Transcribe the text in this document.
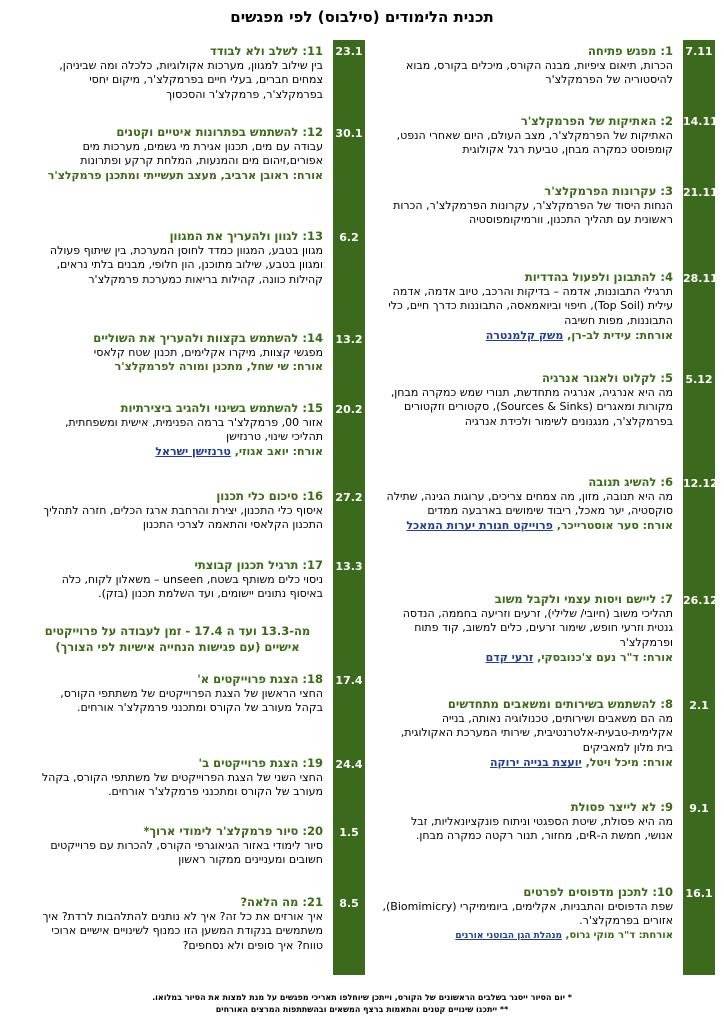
תכנית הלימודים (סילבוס) לפי מפגשים
7.11
1: מפגש פתיחה
הכרות, תיאום ציפיות, מבנה הקורס, מיכלים בקורס, מבוא להיסטוריה של הפרמקלצ'ר
14.11
2: האתיקות של הפרמקלצ'ר
האתיקות של הפרמקלצ'ר, מצב העולם, היום שאחרי הנפט, קומפוסט כמקרה מבחן, טביעת רגל אקולוגית
21.11
3: עקרונות הפרמקלצ'ר
הנחות היסוד של הפרמקלצ'ר, עקרונות הפרמקלצ'ר, הכרות ראשונית עם תהליך התכנון, וורמיקומפוסטיה
28.11
4: להתבונן ולפעול בהדדיות
תרגילי התבוננות, אדמה – בדיקות והרכב, טיוב אדמה, אדמה עילית (Top Soil), חיפוי וביואמאסה, התבוננות כדרך חיים, כלי התבוננות, מפות חשיבה
אורחת: עידית לב-רן, משק קלמנטרה
5.12
5: לקלוט ולאגור אנרגיה
מה היא אנרגיה, אנרגיה מתחדשת, תנורי שמש כמקרה מבחן, מקורות ומאגרים (Sources & Sinks), סקטורים וזקטורים בפרמקלצ'ר, מנגנונים לשימור ולכידת אנרגיה
12.12
6: להשיג תנובה
מה היא תנובה, מזון, מה צמחים צריכים, ערוגות הגינה, שתילה סוקסטיה, יער מאכל, ריבוד שימושים בארבעה ממדים
אורח: סער אוסטרייכר, פרוייקט חגורת יערות המאכל
26.12
7: ליישם ויסות עצמי ולקבל משוב
תהליכי משוב (חיובי/ שלילי), זרעים וזריעה בחממה, הנדסה גנטית וזרעי חופש, שימור זרעים, כלים למשוב, קוד פתוח ופרמקלצ'ר
אורח: ד"ר נעם צ'כנובסקי, זרעי קדם
2.1
8: להשתמש בשירותים ומשאבים מתחדשים
מה הם משאבים ושירותים, טכנולוגיה נאותה, בנייה אקלימית-טבעית-אלטרנטיבית, שירותי המערכת האקולוגית, בית מלון למאביקים
אורח: מיכל ויטל, יועצת בנייה ירוקה
9.1
9: לא לייצר פסולת
מה היא פסולת, שיטת הספגטי וניתוח פונקציונאליות, זבל אנושי, חמשת ה-Rים, מחזור, תנור רקטה כמקרה מבחן.
16.1
10: לתכנן מדפוסים לפרטים
שפת הדפוסים והתבניות, אקלימים, ביומימיקרי (Biomimicry), אזורים בפרמקלצ'ר.
אורחת: ד"ר מוקי גרוס, מנהלת הגן הבוטני אורנים
23.1
11: לשלב ולא לבודד
בין שילוב למגוון, מערכות אקולוגיות, כלכלה ומה שביניהן, צמחים חברים, בעלי חיים בפרמקלצ'ר, מיקום יחסי בפרמקלצ'ר, פרמקלצ'ר והסכסוך
30.1
12: להשתמש בפתרונות איטיים וקטנים
עבודה עם מים, תכנון אגירת מי גשמים, מערכות מים אפורים,זיהום מים והמנעות, המלחת קרקע ופתרונות
אורח: ראובן ארביב, מעצב תעשייתי ומתכנן פרמקלצ'ר
6.2
13: לגוון ולהעריך את המגוון
מגוון בטבע, המגוון כמדד לחוסן המערכת, בין שיתוף פעולה ומגוון בטבע, שילוב מתוכנן, הון חלופי, מבנים בלתי נראים, קהילות כוונה, קהילות בריאות כמערכת פרמקלצ'ר
13.2
14: להשתמש בקצוות ולהעריך את השוליים
מפגשי קצוות, מיקרו אקלימים, תכנון שטח קלאסי
אורח: שי שחל, מתכנן ומורה לפרמקלצ'ר
20.2
15: להשתמש בשינוי ולהגיב ביצירתיות
אזור 00, פרמקלצ'ר ברמה הפנימית, אישית ומשפחתית, תהליכי שינוי, טרנזישן
אורח: יואב אגוזי, טרנזישן ישראל
27.2
16: סיכום כלי תכנון
איסוף כלי התכנון, יצירת והרחבת ארגז הכלים, חזרה לתהליך התכנון הקלאסי והתאמה לצרכי התכנון
13.3
17: תרגיל תכנון קבוצתי
ניסוי כלים משותף בשטח, unseen – משאלון לקוח, כלה באיסוף נתונים יישומים, ועד השלמת תכנון (בזק).
מה-13.3 ועד ה 17.4 - זמן לעבודה על פרוייקטים
אישיים (עם פגישות הנחייה אישיות לפי הצורך)
17.4
18: הצגת פרוייקטים א'
החצי הראשון של הצגת הפרוייקטים של משתתפי הקורס, בקהל מעורב של הקורס ומתכנני פרמקלצ'ר אורחים.
24.4
19: הצגת פרוייקטים ב'
החצי השני של הצגת הפרוייקטים של משתתפי הקורס, בקהל מעורב של הקורס ומתכנני פרמקלצ'ר אורחים.
1.5
20: סיור פרמקלצ'ר לימודי ארוך*
סיור לימודי באזור הגיאוגרפי הקורס, להכרות עם פרוייקטים חשובים ומעניינים ממקור ראשון
8.5
21: מה הלאה?
איך אורזים את כל זה? איך לא נותנים להתלהבות לרדת? איך משתמשים בנקודת המשען הזו כמנוף לשינויים אישיים ארוכי טווח? איך סופים ולא נסחפים?
* יום הסיור ייסגר בשלבים הראשונים של הקורס, וייתכן שיוחלפו תאריכי מפגשים על מנת למצות את הסיור במלואו.
** ייתכנו שינויים קטנים והתאמות ברצף המשאים ובהשתתפות המרצים האורחים
